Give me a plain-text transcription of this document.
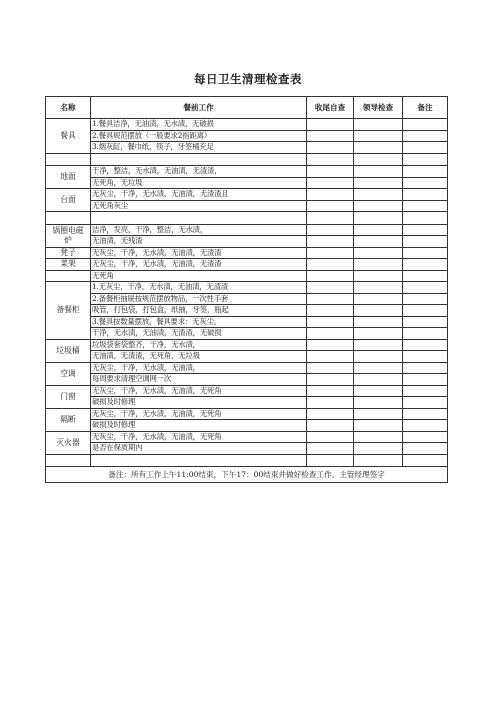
每日卫生清理检查表
名称	餐前工作	收尾自查	领导检查	备注
餐具	1.餐具洁净，无油渍，无水渍，无破损			
	2.餐具规范摆放（一般要求2指距离）			
	3.烟灰缸，餐巾纸，筷子，牙签桶充足			

地面	干净，整洁，无水渍，无油渍，无渣渣，			
	无死角，无垃圾			
台面	无灰尘，干净，无水渍，无油渍，无渣渣且			
	无死角灰尘			

锅圈电磁炉	洁净，发亮，干净，整洁，无水渍，			
	无油渍，无残渣			
凳子	无灰尘，干净，无水渍，无油渍，无渣渣			
菜架	无灰尘，干净，无水渍，无油渍，无渣渣			
	无死角			
备餐柜	1.无灰尘，干净，无水渍，无油渍，无渣渣			
	2.备餐柜抽屉按规范摆放物品，一次性手套			
	吸管，打包袋，打包盒，纸抽，牙签，瓶起			
	3.餐具按数量摆放，餐具要求：无灰尘，			
	干净，无水渍，无油渍，无渣渣，无破损			
垃圾桶	垃圾袋套袋整齐，干净，无水渍，			
	无油渍，无渣渣，无死角，无垃圾			
空调	无灰尘，干净，无水渍，无油渍，			
	每周要求清理空调网一次			
门窗	无灰尘，干净，无水渍，无油渍，无死角			
	破损及时修理			
隔断	无灰尘，干净，无水渍，无油渍，无死角			
	破损及时修理			
灭火器	无灰尘，干净，无水渍，无油渍，无死角			
	是否在保质期内			

备注：所有工作上午11:00结束，下午17：00结束并做好检查工作。主管经理签字				
